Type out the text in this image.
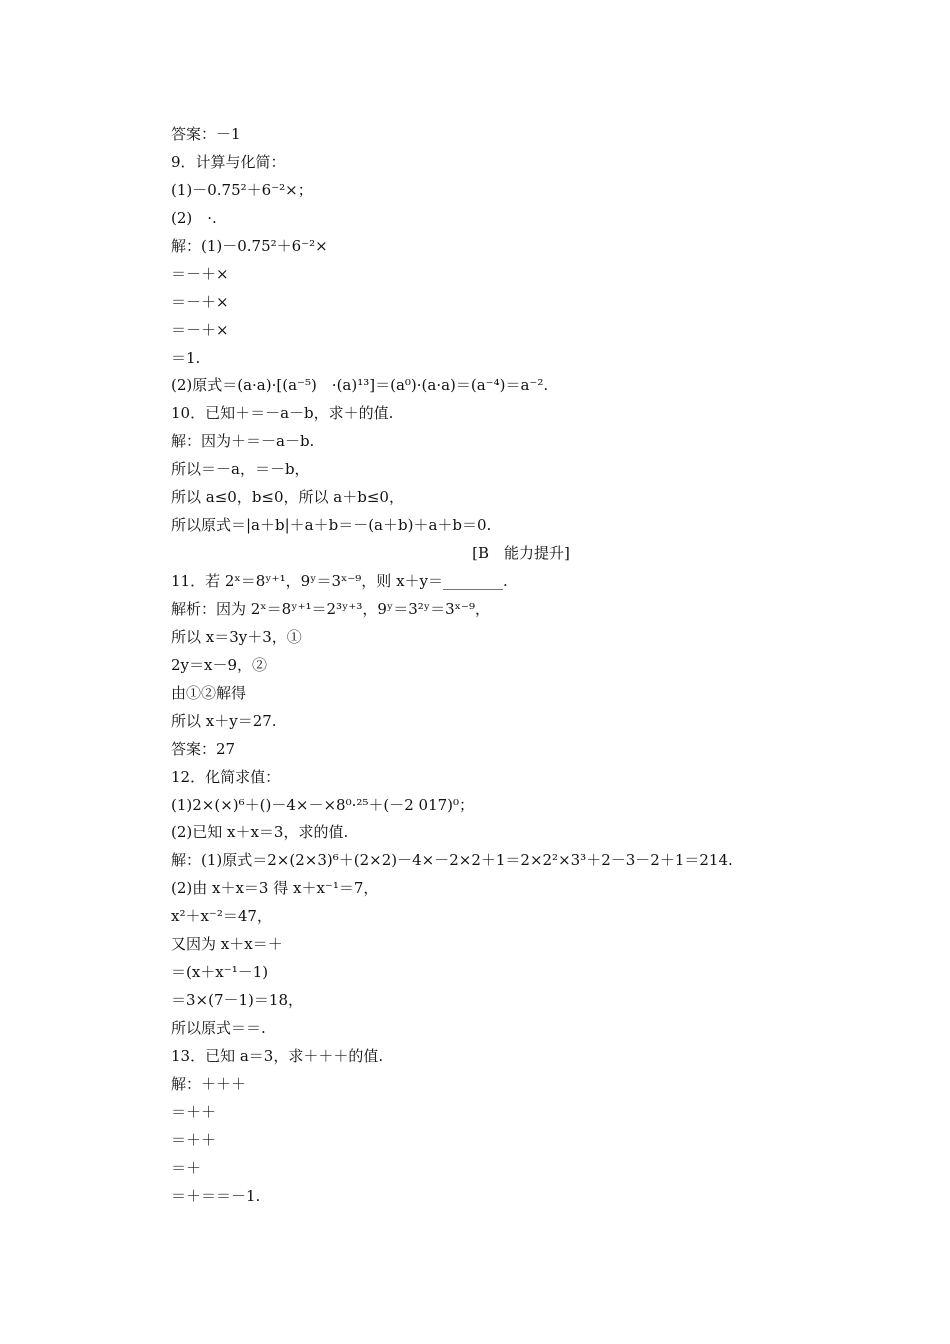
答案：－1
9．计算与化简：
(1)－0.75²＋6⁻²×；
(2)　·.
解：(1)－0.75²＋6⁻²×
＝－＋×
＝－＋×
＝－＋×
＝1.
(2)原式＝(a·a)·[(a⁻⁵)　·(a)¹³]＝(a⁰)·(a·a)＝(a⁻⁴)＝a⁻².
10．已知＋＝－a－b，求＋的值.
解：因为＋＝－a－b.
所以＝－a，＝－b，
所以 a≤0，b≤0，所以 a＋b≤0，
所以原式＝|a＋b|＋a＋b＝－(a＋b)＋a＋b＝0.
[B　能力提升]
11．若 2ˣ＝8ʸ⁺¹，9ʸ＝3ˣ⁻⁹，则 x＋y＝________.
解析：因为 2ˣ＝8ʸ⁺¹＝2³ʸ⁺³，9ʸ＝3²ʸ＝3ˣ⁻⁹，
所以 x＝3y＋3，①
2y＝x－9，②
由①②解得
所以 x＋y＝27.
答案：27
12．化简求值：
(1)2×(×)⁶＋()－4×－×8⁰·²⁵＋(－2 017)⁰；
(2)已知 x＋x＝3，求的值.
解：(1)原式＝2×(2×3)⁶＋(2×2)－4×－2×2＋1＝2×2²×3³＋2－3－2＋1＝214.
(2)由 x＋x＝3 得 x＋x⁻¹＝7，
x²＋x⁻²＝47，
又因为 x＋x＝＋
＝(x＋x⁻¹－1)
＝3×(7－1)＝18，
所以原式＝＝.
13．已知 a＝3，求＋＋＋的值.
解：＋＋＋
＝＋＋
＝＋＋
＝＋
＝＋＝＝－1.
